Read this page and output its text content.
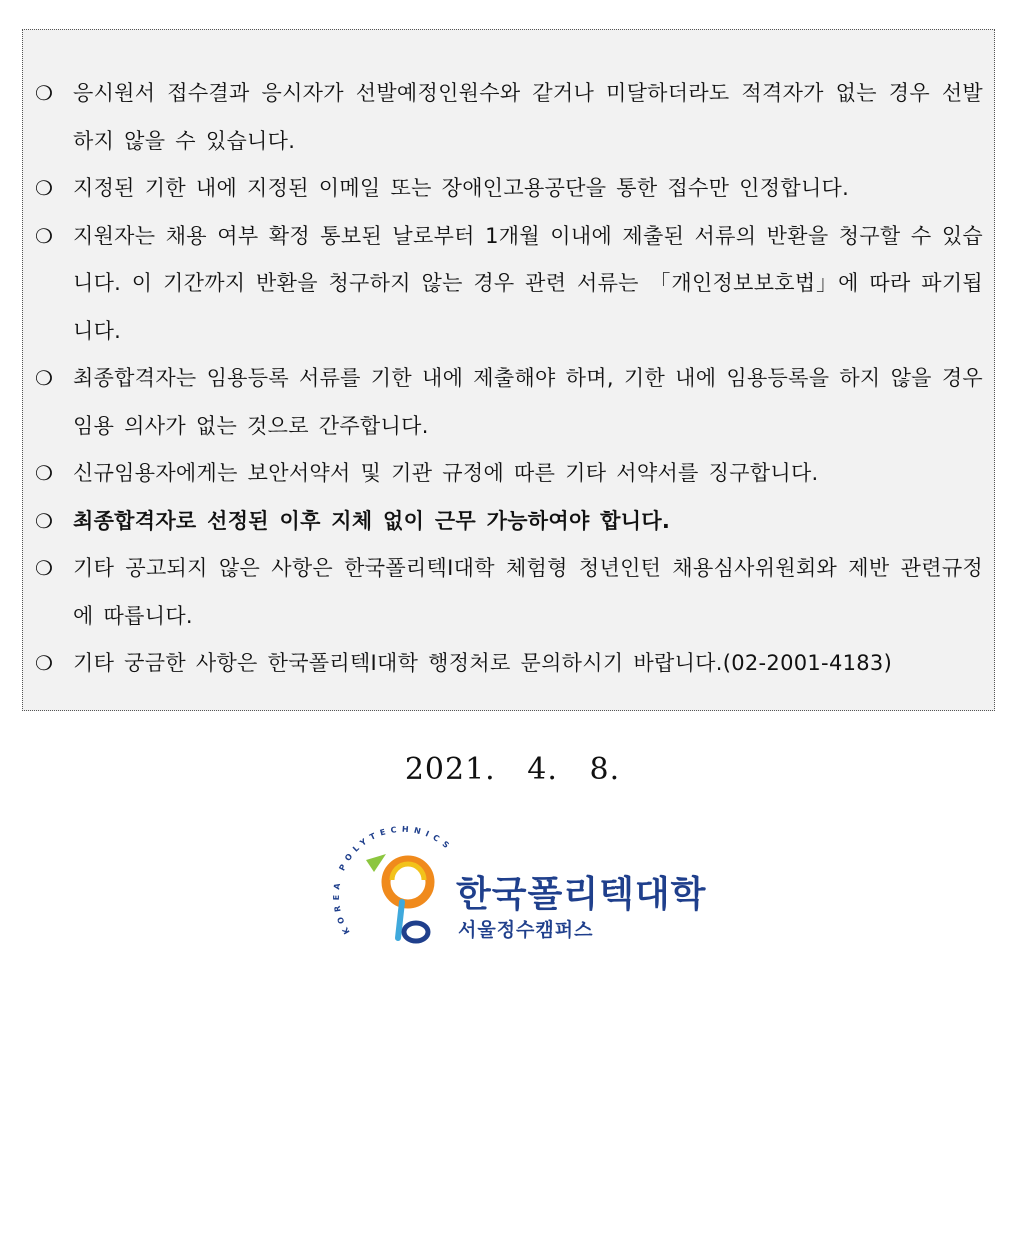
❍ 응시원서 접수결과 응시자가 선발예정인원수와 같거나 미달하더라도 적격자가 없는 경우 선발하지 않을 수 있습니다.
❍ 지정된 기한 내에 지정된 이메일 또는 장애인고용공단을 통한 접수만 인정합니다.
❍ 지원자는 채용 여부 확정 통보된 날로부터 1개월 이내에 제출된 서류의 반환을 청구할 수 있습니다. 이 기간까지 반환을 청구하지 않는 경우 관련 서류는 「개인정보보호법」에 따라 파기됩니다.
❍ 최종합격자는 임용등록 서류를 기한 내에 제출해야 하며, 기한 내에 임용등록을 하지 않을 경우 임용 의사가 없는 것으로 간주합니다.
❍ 신규임용자에게는 보안서약서 및 기관 규정에 따른 기타 서약서를 징구합니다.
❍ 최종합격자로 선정된 이후 지체 없이 근무 가능하여야 합니다.
❍ 기타 공고되지 않은 사항은 한국폴리텍I대학 체험형 청년인턴 채용심사위원회와 제반 관련규정에 따릅니다.
❍ 기타 궁금한 사항은 한국폴리텍I대학 행정처로 문의하시기 바랍니다.(02-2001-4183)
2021.   4.   8.
KOREA POLYTECHNICS
한국폴리텍대학
서울정수캠퍼스
